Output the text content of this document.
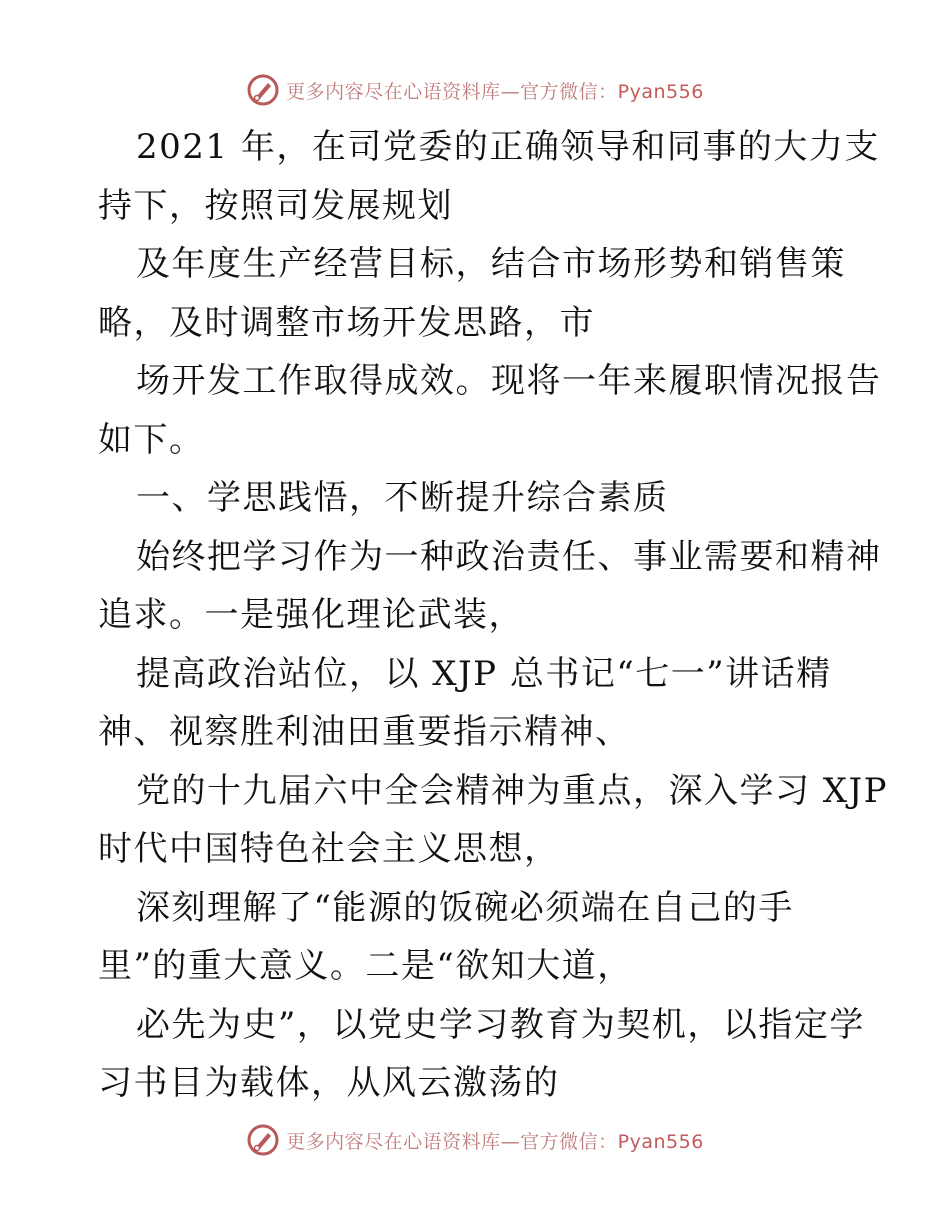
更多内容尽在心语资料库—官方微信：Pyan556
2021 年，在司党委的正确领导和同事的大力支
持下，按照司发展规划
及年度生产经营目标，结合市场形势和销售策
略，及时调整市场开发思路，市
场开发工作取得成效。现将一年来履职情况报告
如下。
一、学思践悟，不断提升综合素质
始终把学习作为一种政治责任、事业需要和精神
追求。一是强化理论武装，
提高政治站位，以 XJP 总书记“七一”讲话精
神、视察胜利油田重要指示精神、
党的十九届六中全会精神为重点，深入学习 XJP
时代中国特色社会主义思想，
深刻理解了“能源的饭碗必须端在自己的手
里”的重大意义。二是“欲知大道，
必先为史”，以党史学习教育为契机，以指定学
习书目为载体，从风云激荡的
更多内容尽在心语资料库—官方微信：Pyan556
